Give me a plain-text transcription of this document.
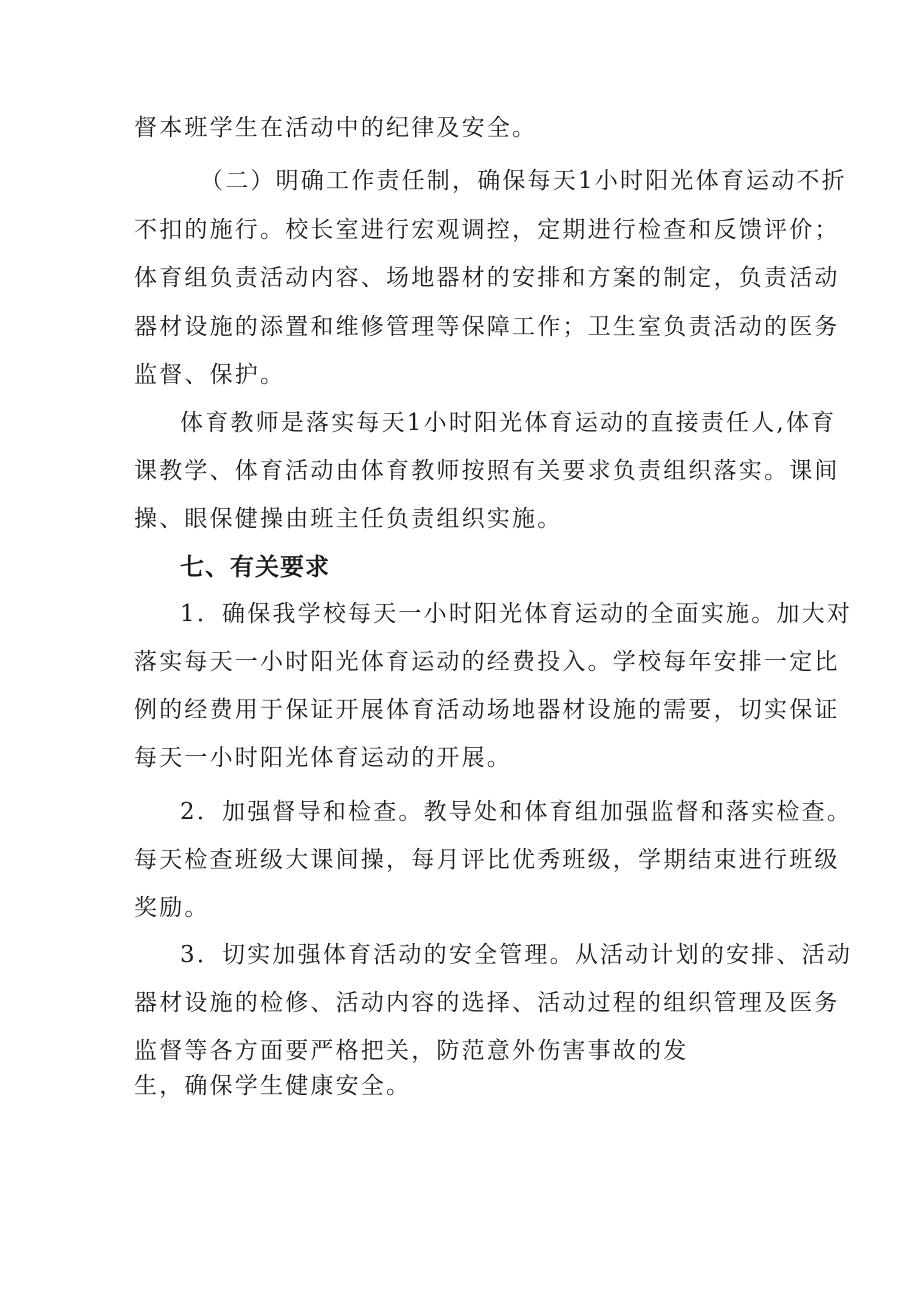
督本班学生在活动中的纪律及安全。

（二）明确工作责任制，确保每天1小时阳光体育运动不折

不扣的施行。校长室进行宏观调控，定期进行检查和反馈评价；

体育组负责活动内容、场地器材的安排和方案的制定，负责活动

器材设施的添置和维修管理等保障工作；卫生室负责活动的医务

监督、保护。

体育教师是落实每天1小时阳光体育运动的直接责任人,体育

课教学、体育活动由体育教师按照有关要求负责组织落实。课间

操、眼保健操由班主任负责组织实施。

七、有关要求

1．确保我学校每天一小时阳光体育运动的全面实施。加大对

落实每天一小时阳光体育运动的经费投入。学校每年安排一定比

例的经费用于保证开展体育活动场地器材设施的需要，切实保证

每天一小时阳光体育运动的开展。

2．加强督导和检查。教导处和体育组加强监督和落实检查。

每天检查班级大课间操，每月评比优秀班级，学期结束进行班级

奖励。

3．切实加强体育活动的安全管理。从活动计划的安排、活动

器材设施的检修、活动内容的选择、活动过程的组织管理及医务

监督等各方面要严格把关，防范意外伤害事故的发

生，确保学生健康安全。
